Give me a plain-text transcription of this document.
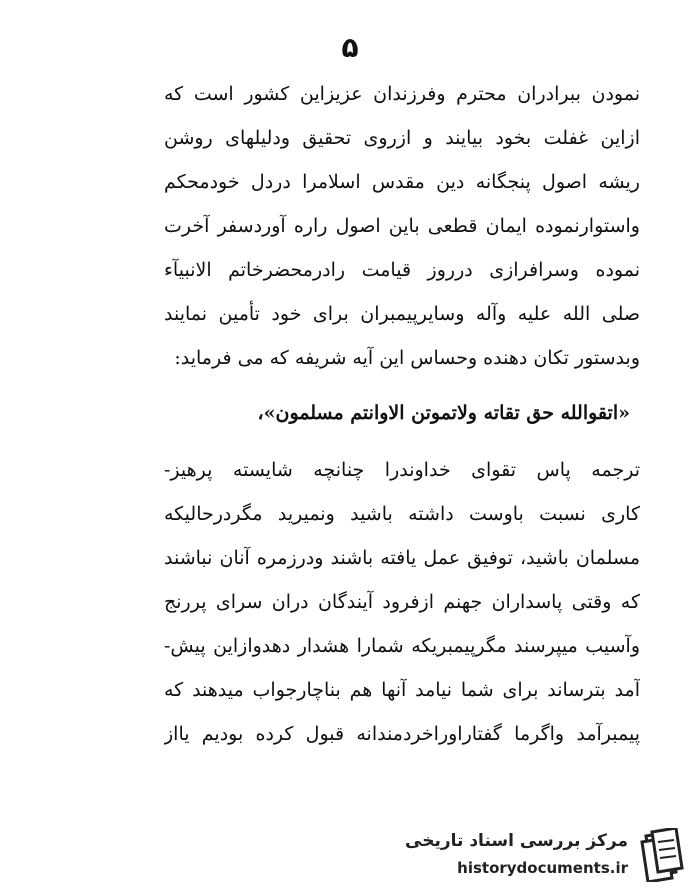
۵
نمودن ببرادران محترم وفرزندان عزیزاین کشور است که
ازاین غفلت بخود بیایند و ازروی تحقیق ودلیلهای روشن
ریشه اصول پنجگانه دین مقدس اسلامرا دردل خودمحکم
واستوارنموده ایمان قطعی باین اصول راره آوردسفر آخرت
نموده وسرافرازی درروز قیامت رادرمحضرخاتم الانبیآء
صلی الله علیه وآله وسایرپیمبران برای خود تأمین نمایند
وبدستور تکان دهنده وحساس این آیه شریفه که می فرماید:
«اتقوالله حق تقاته ولاتموتن الاوانتم مسلمون»،
ترجمه پاس تقوای خداوندرا چنانچه شایسته پرهیز-
کاری نسبت باوست داشته باشید ونمیرید مگردرحالیکه
مسلمان باشید، توفیق عمل یافته باشند ودرزمره آنان نباشند
که وقتی پاسداران جهنم ازفرود آیندگان دران سرای پررنج
وآسیب میپرسند مگرپیمبریکه شمارا هشدار دهدوازاین پیش-
آمد بترساند برای شما نیامد آنها هم بناچارجواب میدهند که
پیمبرآمد واگرما گفتاراوراخردمندانه قبول کرده بودیم یااز
مرکز بررسی اسناد تاریخی
historydocuments.ir
